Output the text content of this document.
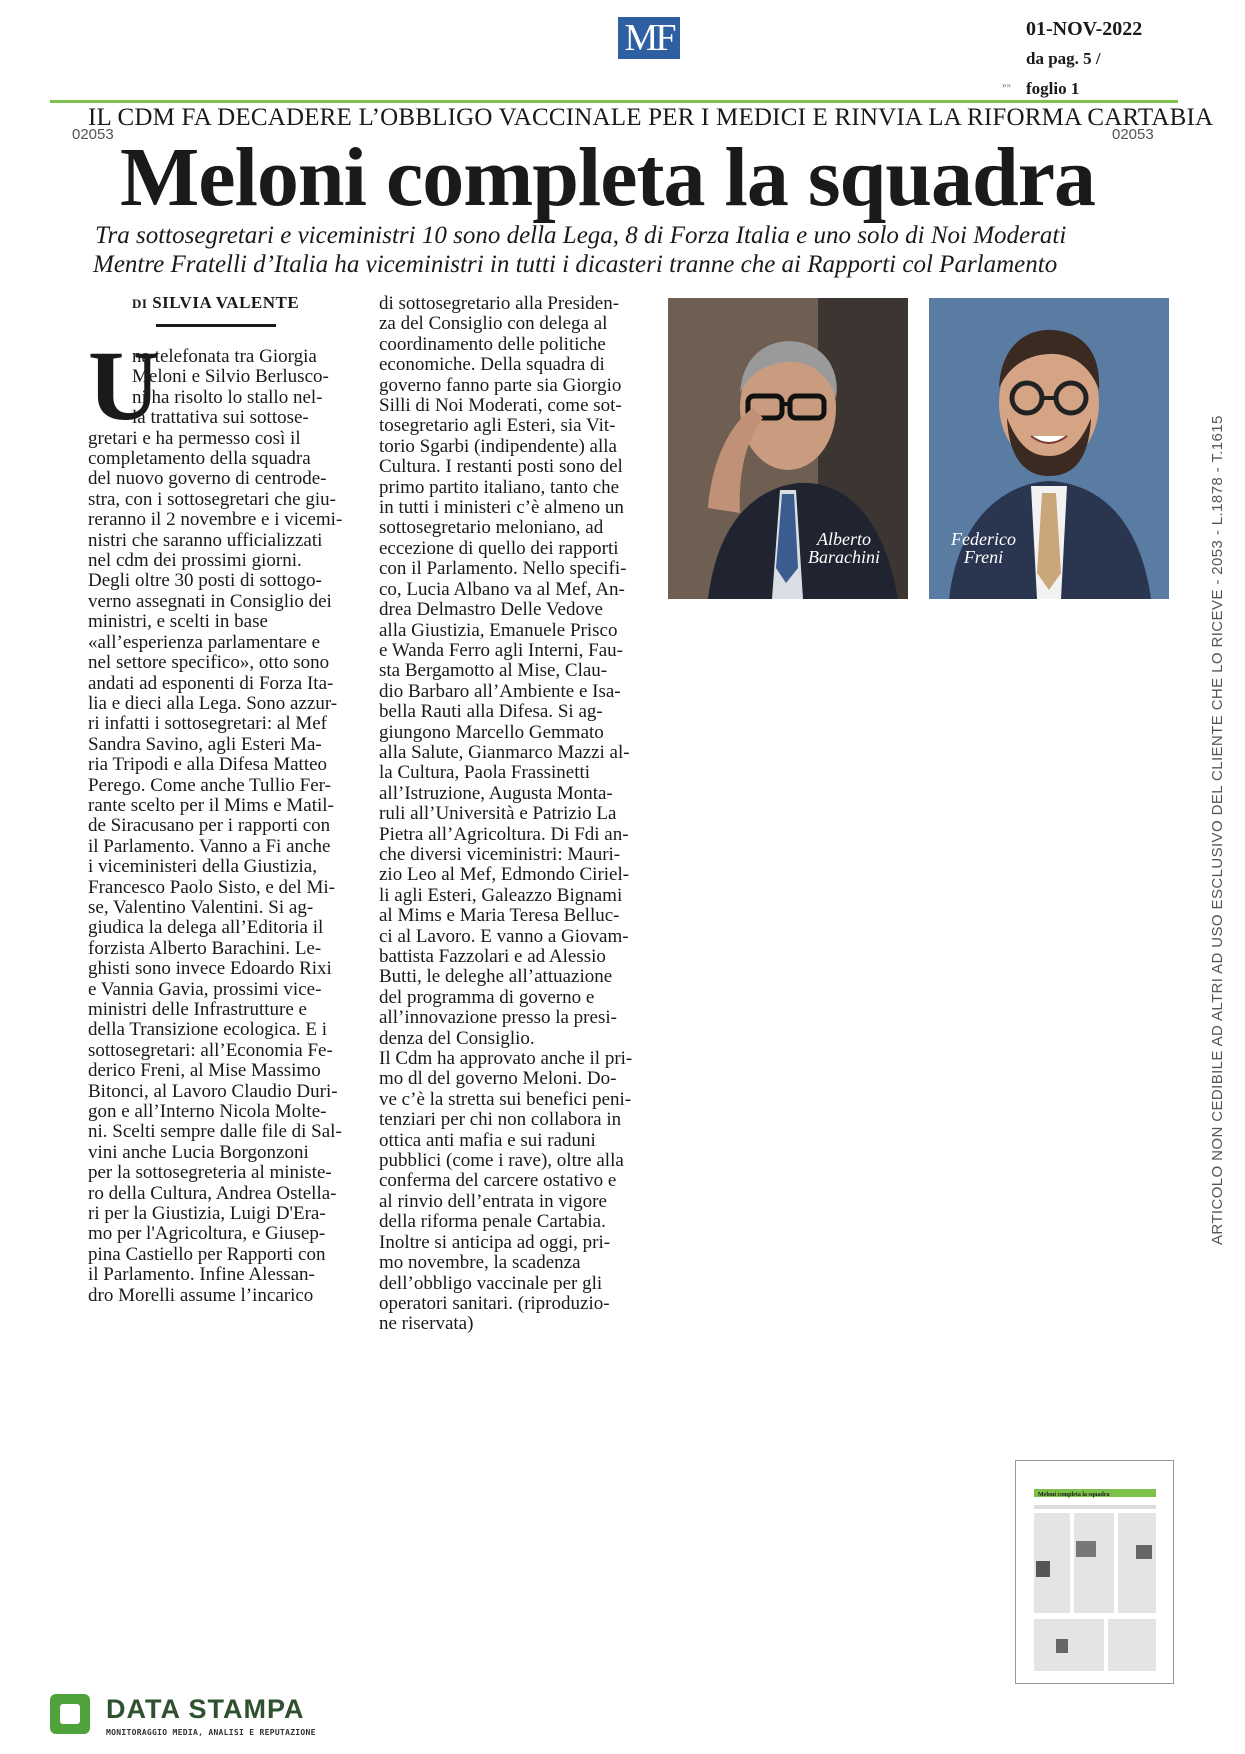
MF	01-NOV-2022
da pag. 5 /
foglio 1
»»
IL CDM FA DECADERE L’OBBLIGO VACCINALE PER I MEDICI E RINVIA LA RIFORMA CARTABIA
02053	02053
Meloni completa la squadra
Tra sottosegretari e viceministri 10 sono della Lega, 8 di Forza Italia e uno solo di Noi Moderati
Mentre Fratelli d’Italia ha viceministri in tutti i dicasteri tranne che ai Rapporti col Parlamento
DI SILVIA VALENTE
U
na telefonata tra Giorgia
Meloni e Silvio Berlusco-
ni ha risolto lo stallo nel-
la trattativa sui sottose-
gretari e ha permesso così il
completamento della squadra
del nuovo governo di centrode-
stra, con i sottosegretari che giu-
reranno il 2 novembre e i vicemi-
nistri che saranno ufficializzati
nel cdm dei prossimi giorni.
Degli oltre 30 posti di sottogo-
verno assegnati in Consiglio dei
ministri, e scelti in base
«all’esperienza parlamentare e
nel settore specifico», otto sono
andati ad esponenti di Forza Ita-
lia e dieci alla Lega. Sono azzur-
ri infatti i sottosegretari: al Mef
Sandra Savino, agli Esteri Ma-
ria Tripodi e alla Difesa Matteo
Perego. Come anche Tullio Fer-
rante scelto per il Mims e Matil-
de Siracusano per i rapporti con
il Parlamento. Vanno a Fi anche
i viceministeri della Giustizia,
Francesco Paolo Sisto, e del Mi-
se, Valentino Valentini. Si ag-
giudica la delega all’Editoria il
forzista Alberto Barachini. Le-
ghisti sono invece Edoardo Rixi
e Vannia Gavia, prossimi vice-
ministri delle Infrastrutture e
della Transizione ecologica. E i
sottosegretari: all’Economia Fe-
derico Freni, al Mise Massimo
Bitonci, al Lavoro Claudio Duri-
gon e all’Interno Nicola Molte-
ni. Scelti sempre dalle file di Sal-
vini anche Lucia Borgonzoni
per la sottosegreteria al ministe-
ro della Cultura, Andrea Ostella-
ri per la Giustizia, Luigi D'Era-
mo per l'Agricoltura, e Giusep-
pina Castiello per Rapporti con
il Parlamento. Infine Alessan-
dro Morelli assume l’incarico
di sottosegretario alla Presiden-
za del Consiglio con delega al
coordinamento delle politiche
economiche. Della squadra di
governo fanno parte sia Giorgio
Silli di Noi Moderati, come sot-
tosegretario agli Esteri, sia Vit-
torio Sgarbi (indipendente) alla
Cultura. I restanti posti sono del
primo partito italiano, tanto che
in tutti i ministeri c’è almeno un
sottosegretario meloniano, ad
eccezione di quello dei rapporti
con il Parlamento. Nello specifi-
co, Lucia Albano va al Mef, An-
drea Delmastro Delle Vedove
alla Giustizia, Emanuele Prisco
e Wanda Ferro agli Interni, Fau-
sta Bergamotto al Mise, Clau-
dio Barbaro all’Ambiente e Isa-
bella Rauti alla Difesa. Si ag-
giungono Marcello Gemmato
alla Salute, Gianmarco Mazzi al-
la Cultura, Paola Frassinetti
all’Istruzione, Augusta Monta-
ruli all’Università e Patrizio La
Pietra all’Agricoltura. Di Fdi an-
che diversi viceministri: Mauri-
zio Leo al Mef, Edmondo Ciriel-
li agli Esteri, Galeazzo Bignami
al Mims e Maria Teresa Belluc-
ci al Lavoro. E vanno a Giovam-
battista Fazzolari e ad Alessio
Butti, le deleghe all’attuazione
del programma di governo e
all’innovazione presso la presi-
denza del Consiglio.
Il Cdm ha approvato anche il pri-
mo dl del governo Meloni. Do-
ve c’è la stretta sui benefici peni-
tenziari per chi non collabora in
ottica anti mafia e sui raduni
pubblici (come i rave), oltre alla
conferma del carcere ostativo e
al rinvio dell’entrata in vigore
della riforma penale Cartabia.
Inoltre si anticipa ad oggi, pri-
mo novembre, la scadenza
dell’obbligo vaccinale per gli
operatori sanitari. (riproduzio-
ne riservata)
Alberto
Barachini
Federico
Freni	ARTICOLO NON CEDIBILE AD ALTRI AD USO ESCLUSIVO DEL CLIENTE CHE LO RICEVE - 2053 - L.1878 - T.1615
Meloni completa la squadra
DATA STAMPA
MONITORAGGIO MEDIA, ANALISI E REPUTAZIONE
